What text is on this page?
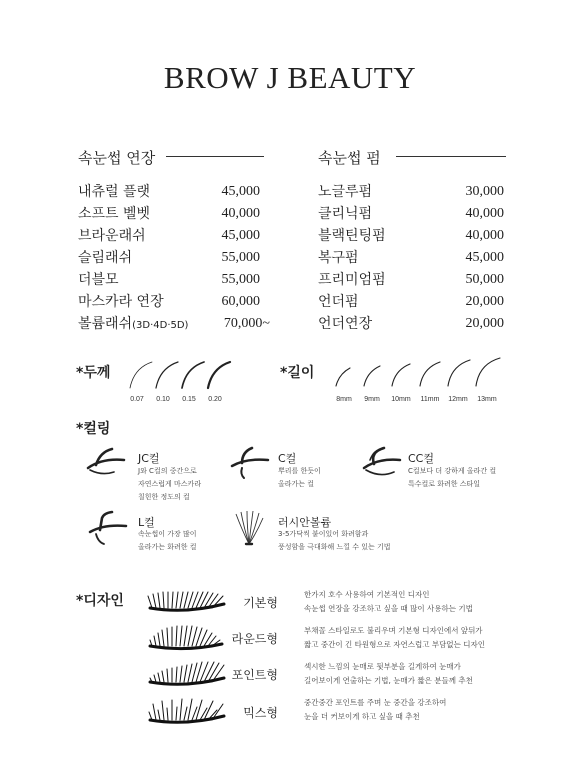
BROW J BEAUTY
속눈썹 연장
내츄럴 플랫	45,000
소프트 벨벳	40,000
브라운래쉬	45,000
슬림래쉬	55,000
더블모	55,000
마스카라 연장	60,000
볼륨래쉬(3D·4D·5D)	70,000~
속눈썹 펌
노글루펌	30,000
클리닉펌	40,000
블랙틴팅펌	40,000
복구펌	45,000
프리미엄펌	50,000
언더펌	20,000
언더연장	20,000
*두께
0.07	0.10	0.15	0.20
*길이
8mm	9mm	10mm	11mm	12mm	13mm
*컬링
JC컬
J와 C컬의 중간으로
자연스럽게 마스카라
칠힌한 정도의 컬
C컬
뿌리를 한듯이
올라가는 컬
CC컬
C컬보다 더 강하게 올라간 컬
특수컬로 화려한 스타일
L컬
속눈썹이 가장 많이
올라가는 화려한 컬
러시안볼륨
3-5가닥씩 붙이있어 화려함과
풍성함을 극대화해 느낄 수 있는 기법
*디자인	기본형
한가지 호수 사용하여 기본적인 디자인
속눈썹 연장을 강조하고 싶을 때 많이 사용하는 기법
라운드형
부채꼴 스타일로도 불리우며 기본형 디자인에서 앞뒤가
짧고 중간이 긴 타원형으로 자연스럽고 부담없는 디자인
포인트형
섹시한 느낌의 눈매로 뒷부분을 길게하여 눈매가
길어보이게 연출하는 기법, 눈매가 짧은 분들께 추천
믹스형
중간중간 포인트를 주며 눈 중간을 강조하여
눈을 더 커보이게 하고 싶을 때 추천
